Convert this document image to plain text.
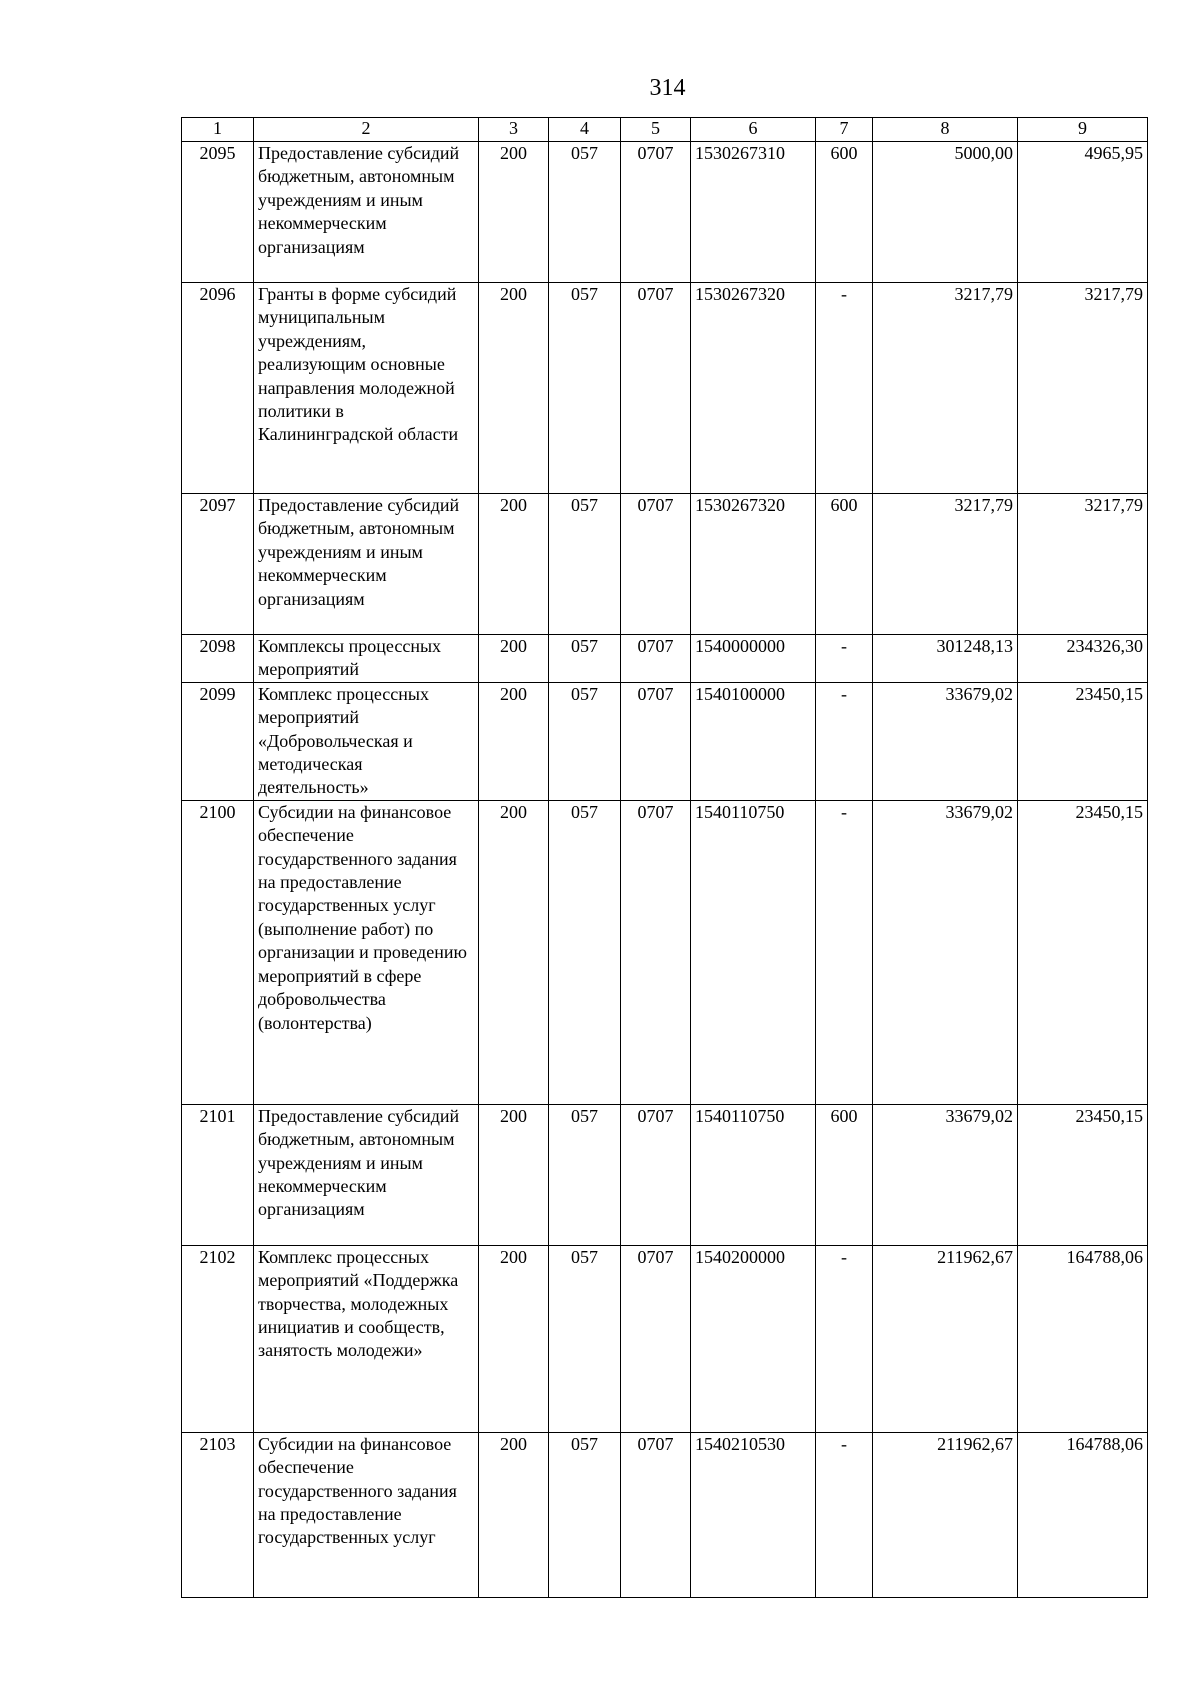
314
1	2	3	4	5	6	7	8	9
2095	Предоставление субсидий бюджетным, автономным учреждениям и иным некоммерческим организациям	200	057	0707	1530267310	600	5000,00	4965,95
2096	Гранты в форме субсидий муниципальным учреждениям, реализующим основные направления молодежной политики в Калининградской области	200	057	0707	1530267320	-	3217,79	3217,79
2097	Предоставление субсидий бюджетным, автономным учреждениям и иным некоммерческим организациям	200	057	0707	1530267320	600	3217,79	3217,79
2098	Комплексы процессных мероприятий	200	057	0707	1540000000	-	301248,13	234326,30
2099	Комплекс процессных мероприятий «Добровольческая и методическая деятельность»	200	057	0707	1540100000	-	33679,02	23450,15
2100	Субсидии на финансовое обеспечение государственного задания на предоставление государственных услуг (выполнение работ) по организации и проведению мероприятий в сфере добровольчества (волонтерства)	200	057	0707	1540110750	-	33679,02	23450,15
2101	Предоставление субсидий бюджетным, автономным учреждениям и иным некоммерческим организациям	200	057	0707	1540110750	600	33679,02	23450,15
2102	Комплекс процессных мероприятий «Поддержка творчества, молодежных инициатив и сообществ, занятость молодежи»	200	057	0707	1540200000	-	211962,67	164788,06
2103	Субсидии на финансовое обеспечение государственного задания на предоставление государственных услуг	200	057	0707	1540210530	-	211962,67	164788,06
